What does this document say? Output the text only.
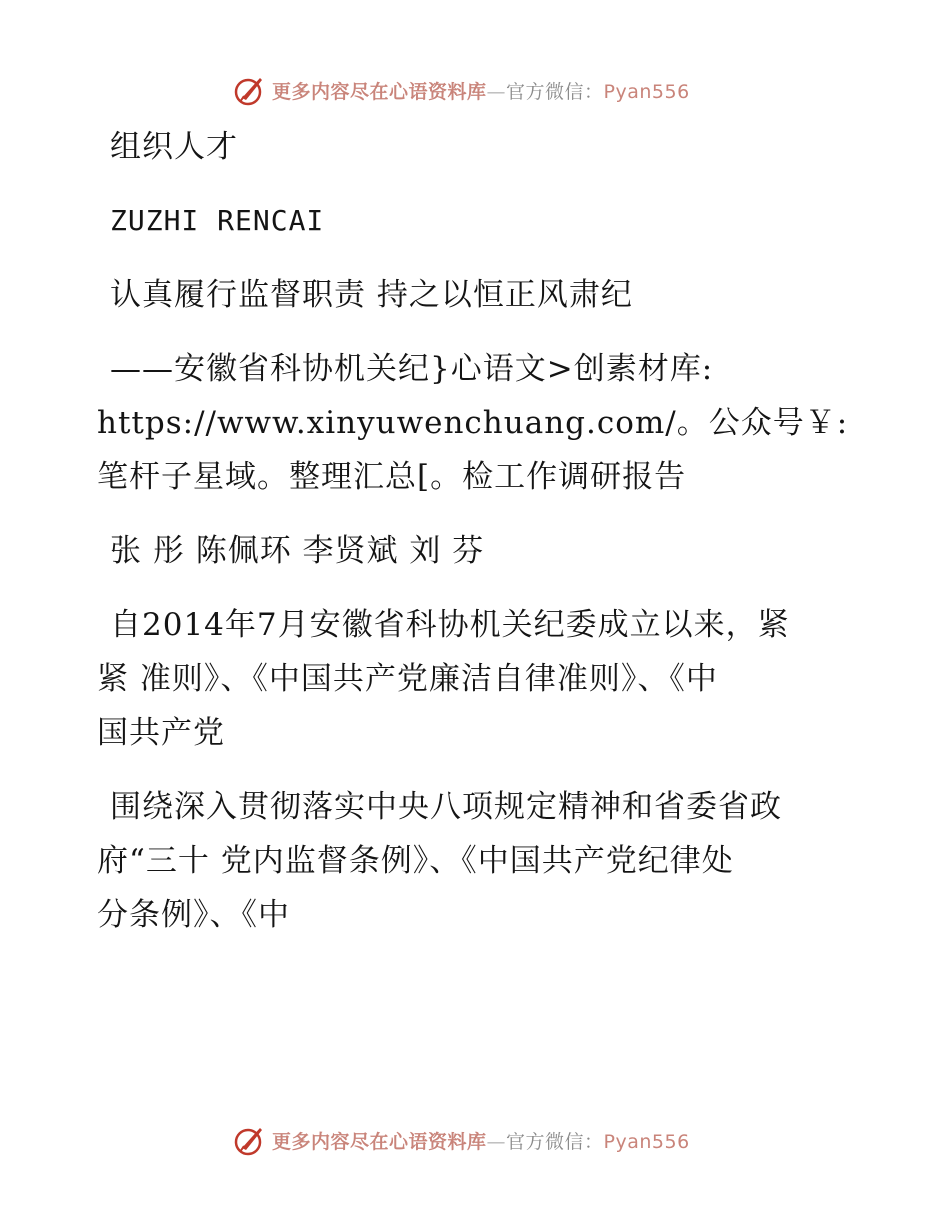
更多内容尽在心语资料库—官方微信：Pyan556

组织人才

ZUZHI RENCAI

认真履行监督职责 持之以恒正风肃纪

——安徽省科协机关纪}心语文>创素材库:
https://www.xinyuwenchuang.com/。公众号￥:
笔杆子星域。整理汇总[。检工作调研报告

张 彤 陈佩环 李贤斌 刘 芬

自2014年7月安徽省科协机关纪委成立以来，紧
紧 准则》、《中国共产党廉洁自律准则》、《中
国共产党

围绕深入贯彻落实中央八项规定精神和省委省政
府“三十 党内监督条例》、《中国共产党纪律处
分条例》、《中

更多内容尽在心语资料库—官方微信：Pyan556
